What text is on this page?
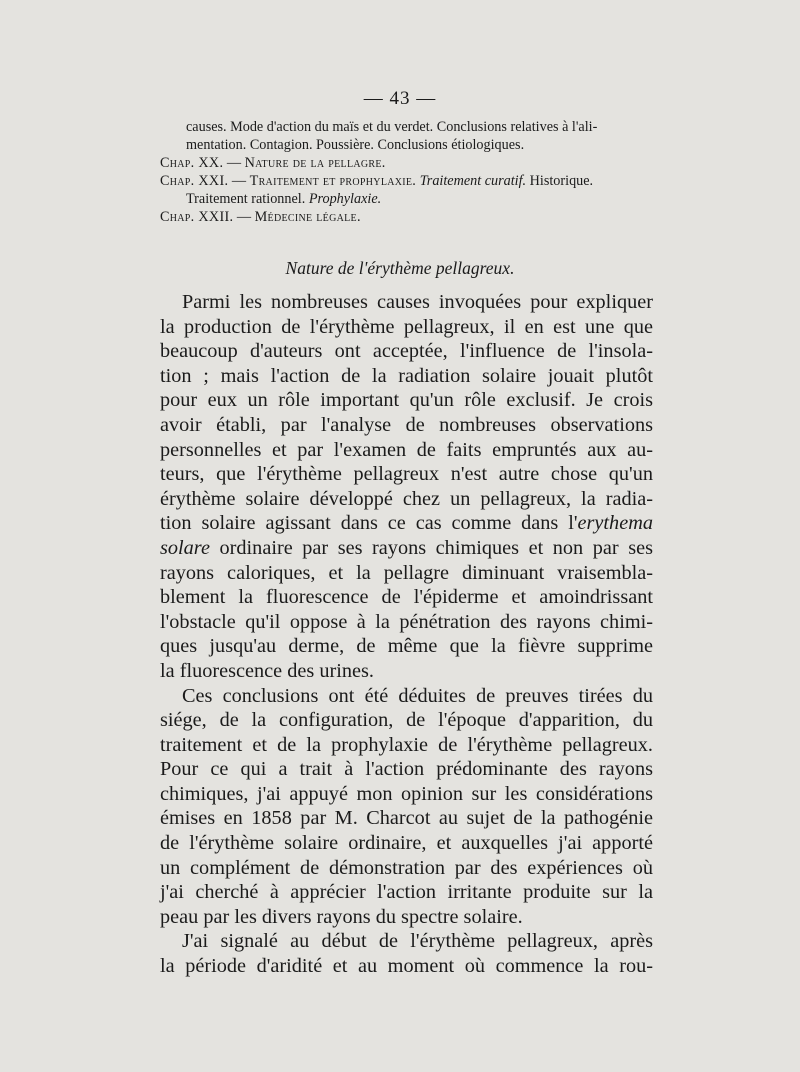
— 43 —
causes. Mode d'action du maïs et du verdet. Conclusions relatives à l'ali-
mentation. Contagion. Poussière. Conclusions étiologiques.
Chap. XX. — Nature de la pellagre.
Chap. XXI. — Traitement et prophylaxie. Traitement curatif. Historique.
Traitement rationnel. Prophylaxie.
Chap. XXII. — Médecine légale.
Nature de l'érythème pellagreux.

Parmi les nombreuses causes invoquées pour expliquer
la production de l'érythème pellagreux, il en est une que
beaucoup d'auteurs ont acceptée, l'influence de l'insola-
tion ; mais l'action de la radiation solaire jouait plutôt
pour eux un rôle important qu'un rôle exclusif. Je crois
avoir établi, par l'analyse de nombreuses observations
personnelles et par l'examen de faits empruntés aux au-
teurs, que l'érythème pellagreux n'est autre chose qu'un
érythème solaire développé chez un pellagreux, la radia-
tion solaire agissant dans ce cas comme dans l'erythema
solare ordinaire par ses rayons chimiques et non par ses
rayons caloriques, et la pellagre diminuant vraisembla-
blement la fluorescence de l'épiderme et amoindrissant
l'obstacle qu'il oppose à la pénétration des rayons chimi-
ques jusqu'au derme, de même que la fièvre supprime
la fluorescence des urines.

Ces conclusions ont été déduites de preuves tirées du
siége, de la configuration, de l'époque d'apparition, du
traitement et de la prophylaxie de l'érythème pellagreux.
Pour ce qui a trait à l'action prédominante des rayons
chimiques, j'ai appuyé mon opinion sur les considérations
émises en 1858 par M. Charcot au sujet de la pathogénie
de l'érythème solaire ordinaire, et auxquelles j'ai apporté
un complément de démonstration par des expériences où
j'ai cherché à apprécier l'action irritante produite sur la
peau par les divers rayons du spectre solaire.

J'ai signalé au début de l'érythème pellagreux, après
la période d'aridité et au moment où commence la rou-
